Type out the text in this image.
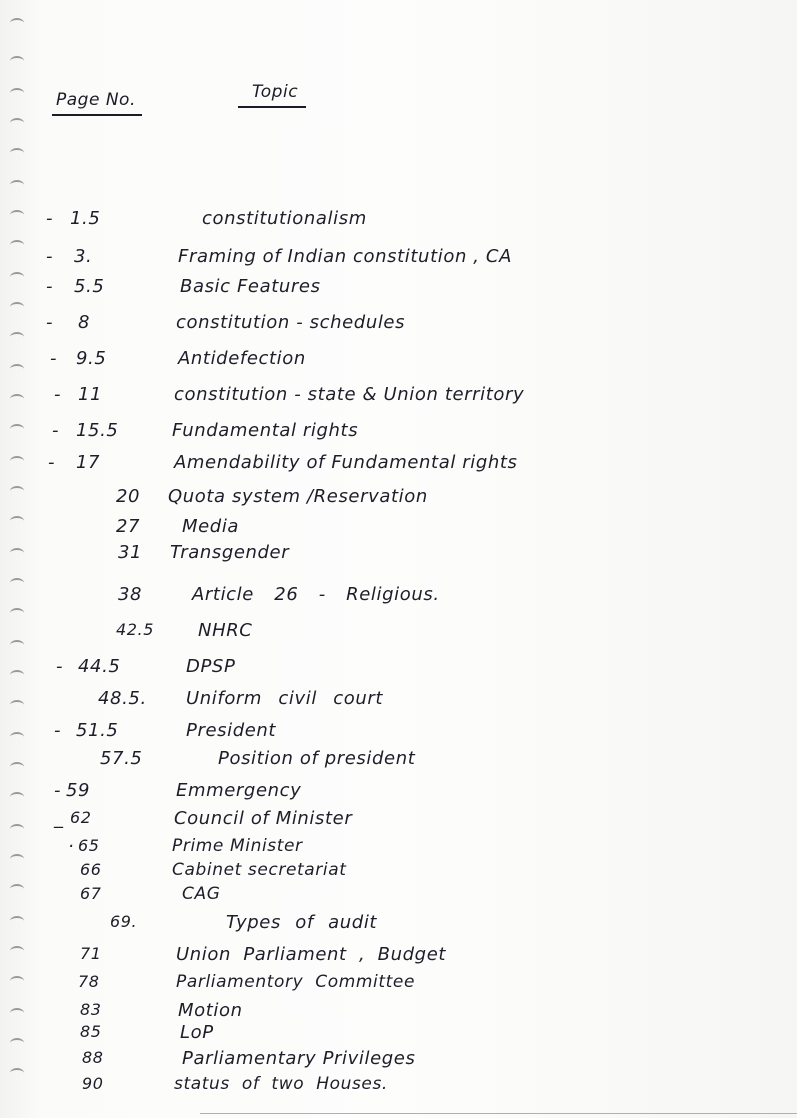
Page No.	Topic
- 1.5	constitutionalism
- 3.	Framing of Indian constitution , CA
- 5.5	Basic Features
- 8	constitution - schedules
- 9.5	Antidefection
- 11	constitution - state & Union territory
- 15.5	Fundamental rights
- 17	Amendability of Fundamental rights
20 Quota system /Reservation
27 Media
31 Transgender
38	Article 26 - Religious.
42.5 NHRC
- 44.5	DPSP
48.5. Uniform civil court
- 51.5	President
57.5	Position of president
- 59	Emmergency
_ 62	Council of Minister
· 65	Prime Minister
66	Cabinet secretariat
67	CAG
69.	Types of audit
71	Union Parliament , Budget
78	Parliamentory Committee
83	Motion
85	LoP
88	Parliamentary Privileges
90	status of two Houses.
